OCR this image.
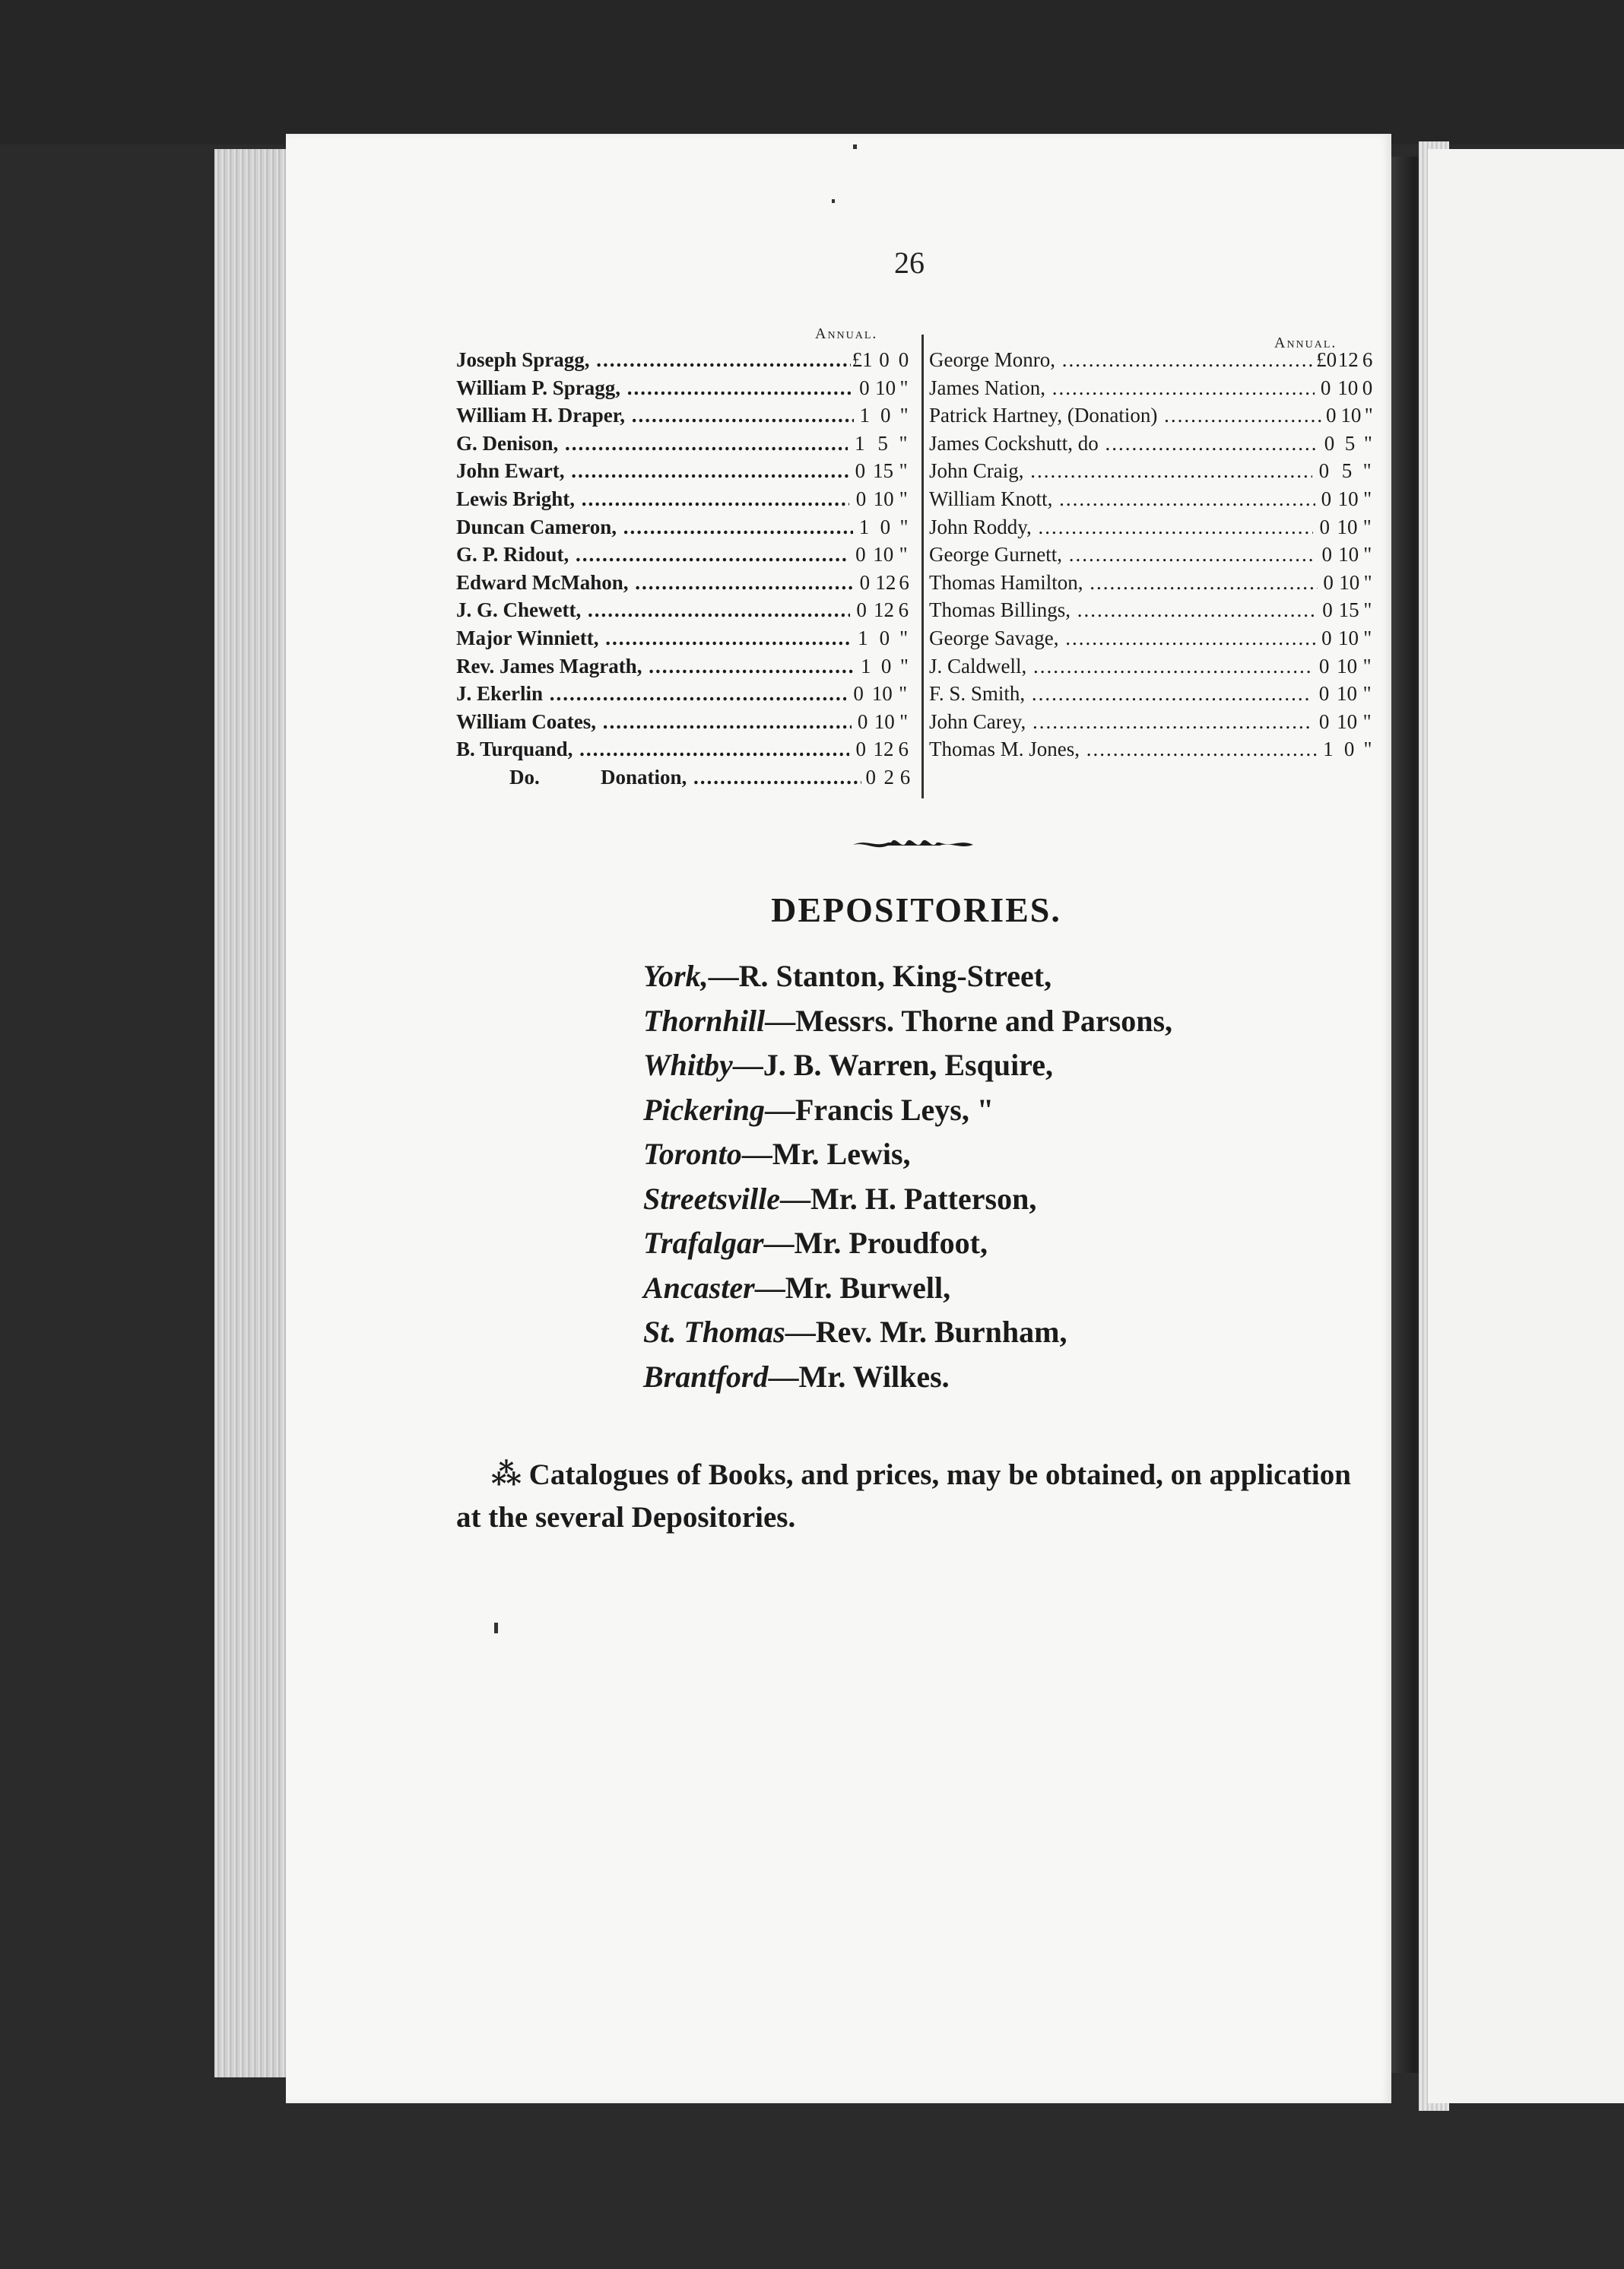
26
Annual.
Annual.
Joseph Spragg, .....	£1 0 0
William P. Spragg, .....	0 10 "
William H. Draper, .....	1 0 "
G. Denison, .....	1 5 "
John Ewart, .....	0 15 "
Lewis Bright, .....	0 10 "
Duncan Cameron, .....	1 0 "
G. P. Ridout, .....	0 10 "
Edward McMahon, .....	0 12 6
J. G. Chewett, .....	0 12 6
Major Winniett, .....	1 0 "
Rev. James Magrath, .....	1 0 "
J. Ekerlin .....	0 10 "
William Coates, .....	0 10 "
B. Turquand, .....	0 12 6
Do.	Donation, .....	0 2 6
George Monro, .....	£0 12 6
James Nation, .....	0 10 0
Patrick Hartney, (Donation) .....	0 10 "
James Cockshutt, do .....	0 5 "
John Craig, .....	0 5 "
William Knott, .....	0 10 "
John Roddy, .....	0 10 "
George Gurnett, .....	0 10 "
Thomas Hamilton, .....	0 10 "
Thomas Billings, .....	0 15 "
George Savage, .....	0 10 "
J. Caldwell, .....	0 10 "
F. S. Smith, .....	0 10 "
John Carey, .....	0 10 "
Thomas M. Jones, .....	1 0 "
DEPOSITORIES.
York,—R. Stanton, King-Street,
Thornhill—Messrs. Thorne and Parsons,
Whitby—J. B. Warren, Esquire,
Pickering—Francis Leys, "
Toronto—Mr. Lewis,
Streetsville—Mr. H. Patterson,
Trafalgar—Mr. Proudfoot,
Ancaster—Mr. Burwell,
St. Thomas—Rev. Mr. Burnham,
Brantford—Mr. Wilkes.
⁂ Catalogues of Books, and prices, may be obtained, on application at the several Depositories.
